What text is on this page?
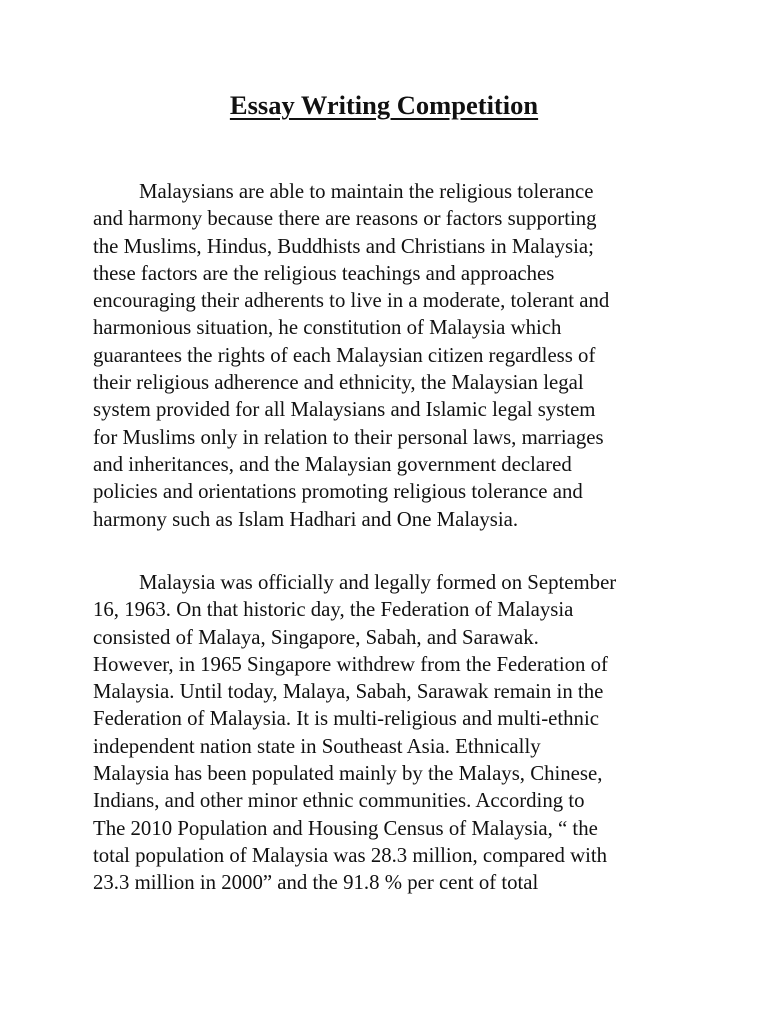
Essay Writing Competition

Malaysians are able to maintain the religious tolerance
and harmony because there are reasons or factors supporting
the Muslims, Hindus, Buddhists and Christians in Malaysia;
these factors are the religious teachings and approaches
encouraging their adherents to live in a moderate, tolerant and
harmonious situation, he constitution of Malaysia which
guarantees the rights of each Malaysian citizen regardless of
their religious adherence and ethnicity, the Malaysian legal
system provided for all Malaysians and Islamic legal system
for Muslims only in relation to their personal laws, marriages
and inheritances, and the Malaysian government declared
policies and orientations promoting religious tolerance and
harmony such as Islam Hadhari and One Malaysia.

Malaysia was officially and legally formed on September
16, 1963. On that historic day, the Federation of Malaysia
consisted of Malaya, Singapore, Sabah, and Sarawak.
However, in 1965 Singapore withdrew from the Federation of
Malaysia. Until today, Malaya, Sabah, Sarawak remain in the
Federation of Malaysia. It is multi-religious and multi-ethnic
independent nation state in Southeast Asia. Ethnically
Malaysia has been populated mainly by the Malays, Chinese,
Indians, and other minor ethnic communities. According to
The 2010 Population and Housing Census of Malaysia, “ the
total population of Malaysia was 28.3 million, compared with
23.3 million in 2000” and the 91.8 % per cent of total
